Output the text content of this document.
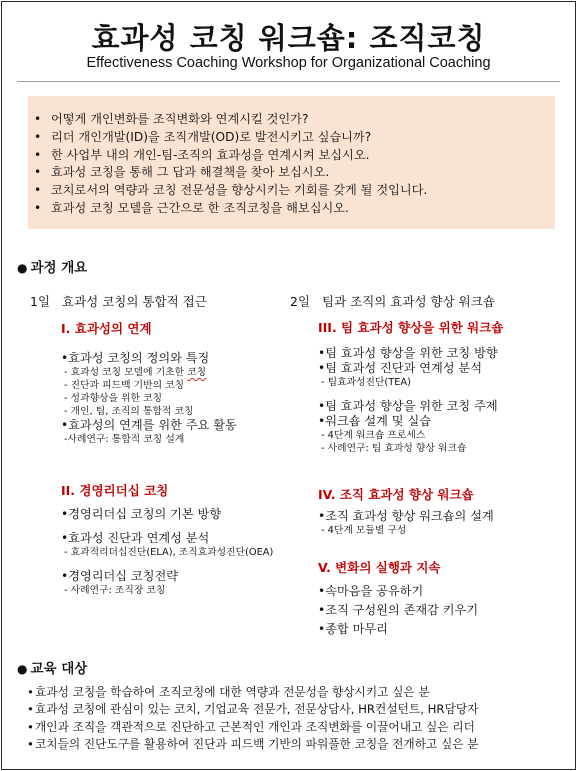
효과성 코칭 워크숍: 조직코칭
Effectiveness Coaching Workshop for Organizational Coaching
• 어떻게 개인변화를 조직변화와 연계시킬 것인가?
• 리더 개인개발(ID)을 조직개발(OD)로 발전시키고 싶습니까?
• 한 사업부 내의 개인-팀-조직의 효과성을 연계시켜 보십시오.
• 효과성 코칭을 통해 그 답과 해결책을 찾아 보십시오.
• 코치로서의 역량과 코칭 전문성을 향상시키는 기회를 갖게 될 것입니다.
• 효과성 코칭 모델을 근간으로 한 조직코칭을 해보십시오.
● 과정 개요
1일 효과성 코칭의 통합적 접근	2일 팀과 조직의 효과성 향상 워크숍
I. 효과성의 연계
•효과성 코칭의 정의와 특징
- 효과성 코칭 모델에 기초한 코칭
- 진단과 피드백 기반의 코칭
- 성과향상을 위한 코칭
- 개인, 팀, 조직의 통합적 코칭
•효과성의 연계를 위한 주요 활동
-사례연구: 통합적 코칭 설계
II. 경영리더십 코칭
•경영리더십 코칭의 기본 방향
•효과성 진단과 연계성 분석
- 효과적리더십진단(ELA), 조직효과성진단(OEA)
•경영리더십 코칭전략
- 사례연구: 조직장 코칭
III. 팀 효과성 향상을 위한 워크숍
•팀 효과성 향상을 위한 코칭 방향
•팀 효과성 진단과 연계성 분석
- 팀효과성진단(TEA)
•팀 효과성 향상을 위한 코칭 주제
•워크숍 설계 및 실습
- 4단계 워크숍 프로세스
- 사례연구: 팀 효과성 향상 워크숍
IV. 조직 효과성 향상 워크숍
•조직 효과성 향상 워크숍의 설계
- 4단계 모듈별 구성
V. 변화의 실행과 지속
•속마음을 공유하기
•조직 구성원의 존재감 키우기
•종합 마무리
● 교육 대상
• 효과성 코칭을 학습하여 조직코칭에 대한 역량과 전문성을 향상시키고 싶은 분
• 효과성 코칭에 관심이 있는 코치, 기업교육 전문가, 전문상담사, HR컨설턴트, HR담당자
• 개인과 조직을 객관적으로 진단하고 근본적인 개인과 조직변화를 이끌어내고 싶은 리더
• 코치들의 진단도구를 활용하여 진단과 피드백 기반의 파워풀한 코칭을 전개하고 싶은 분
